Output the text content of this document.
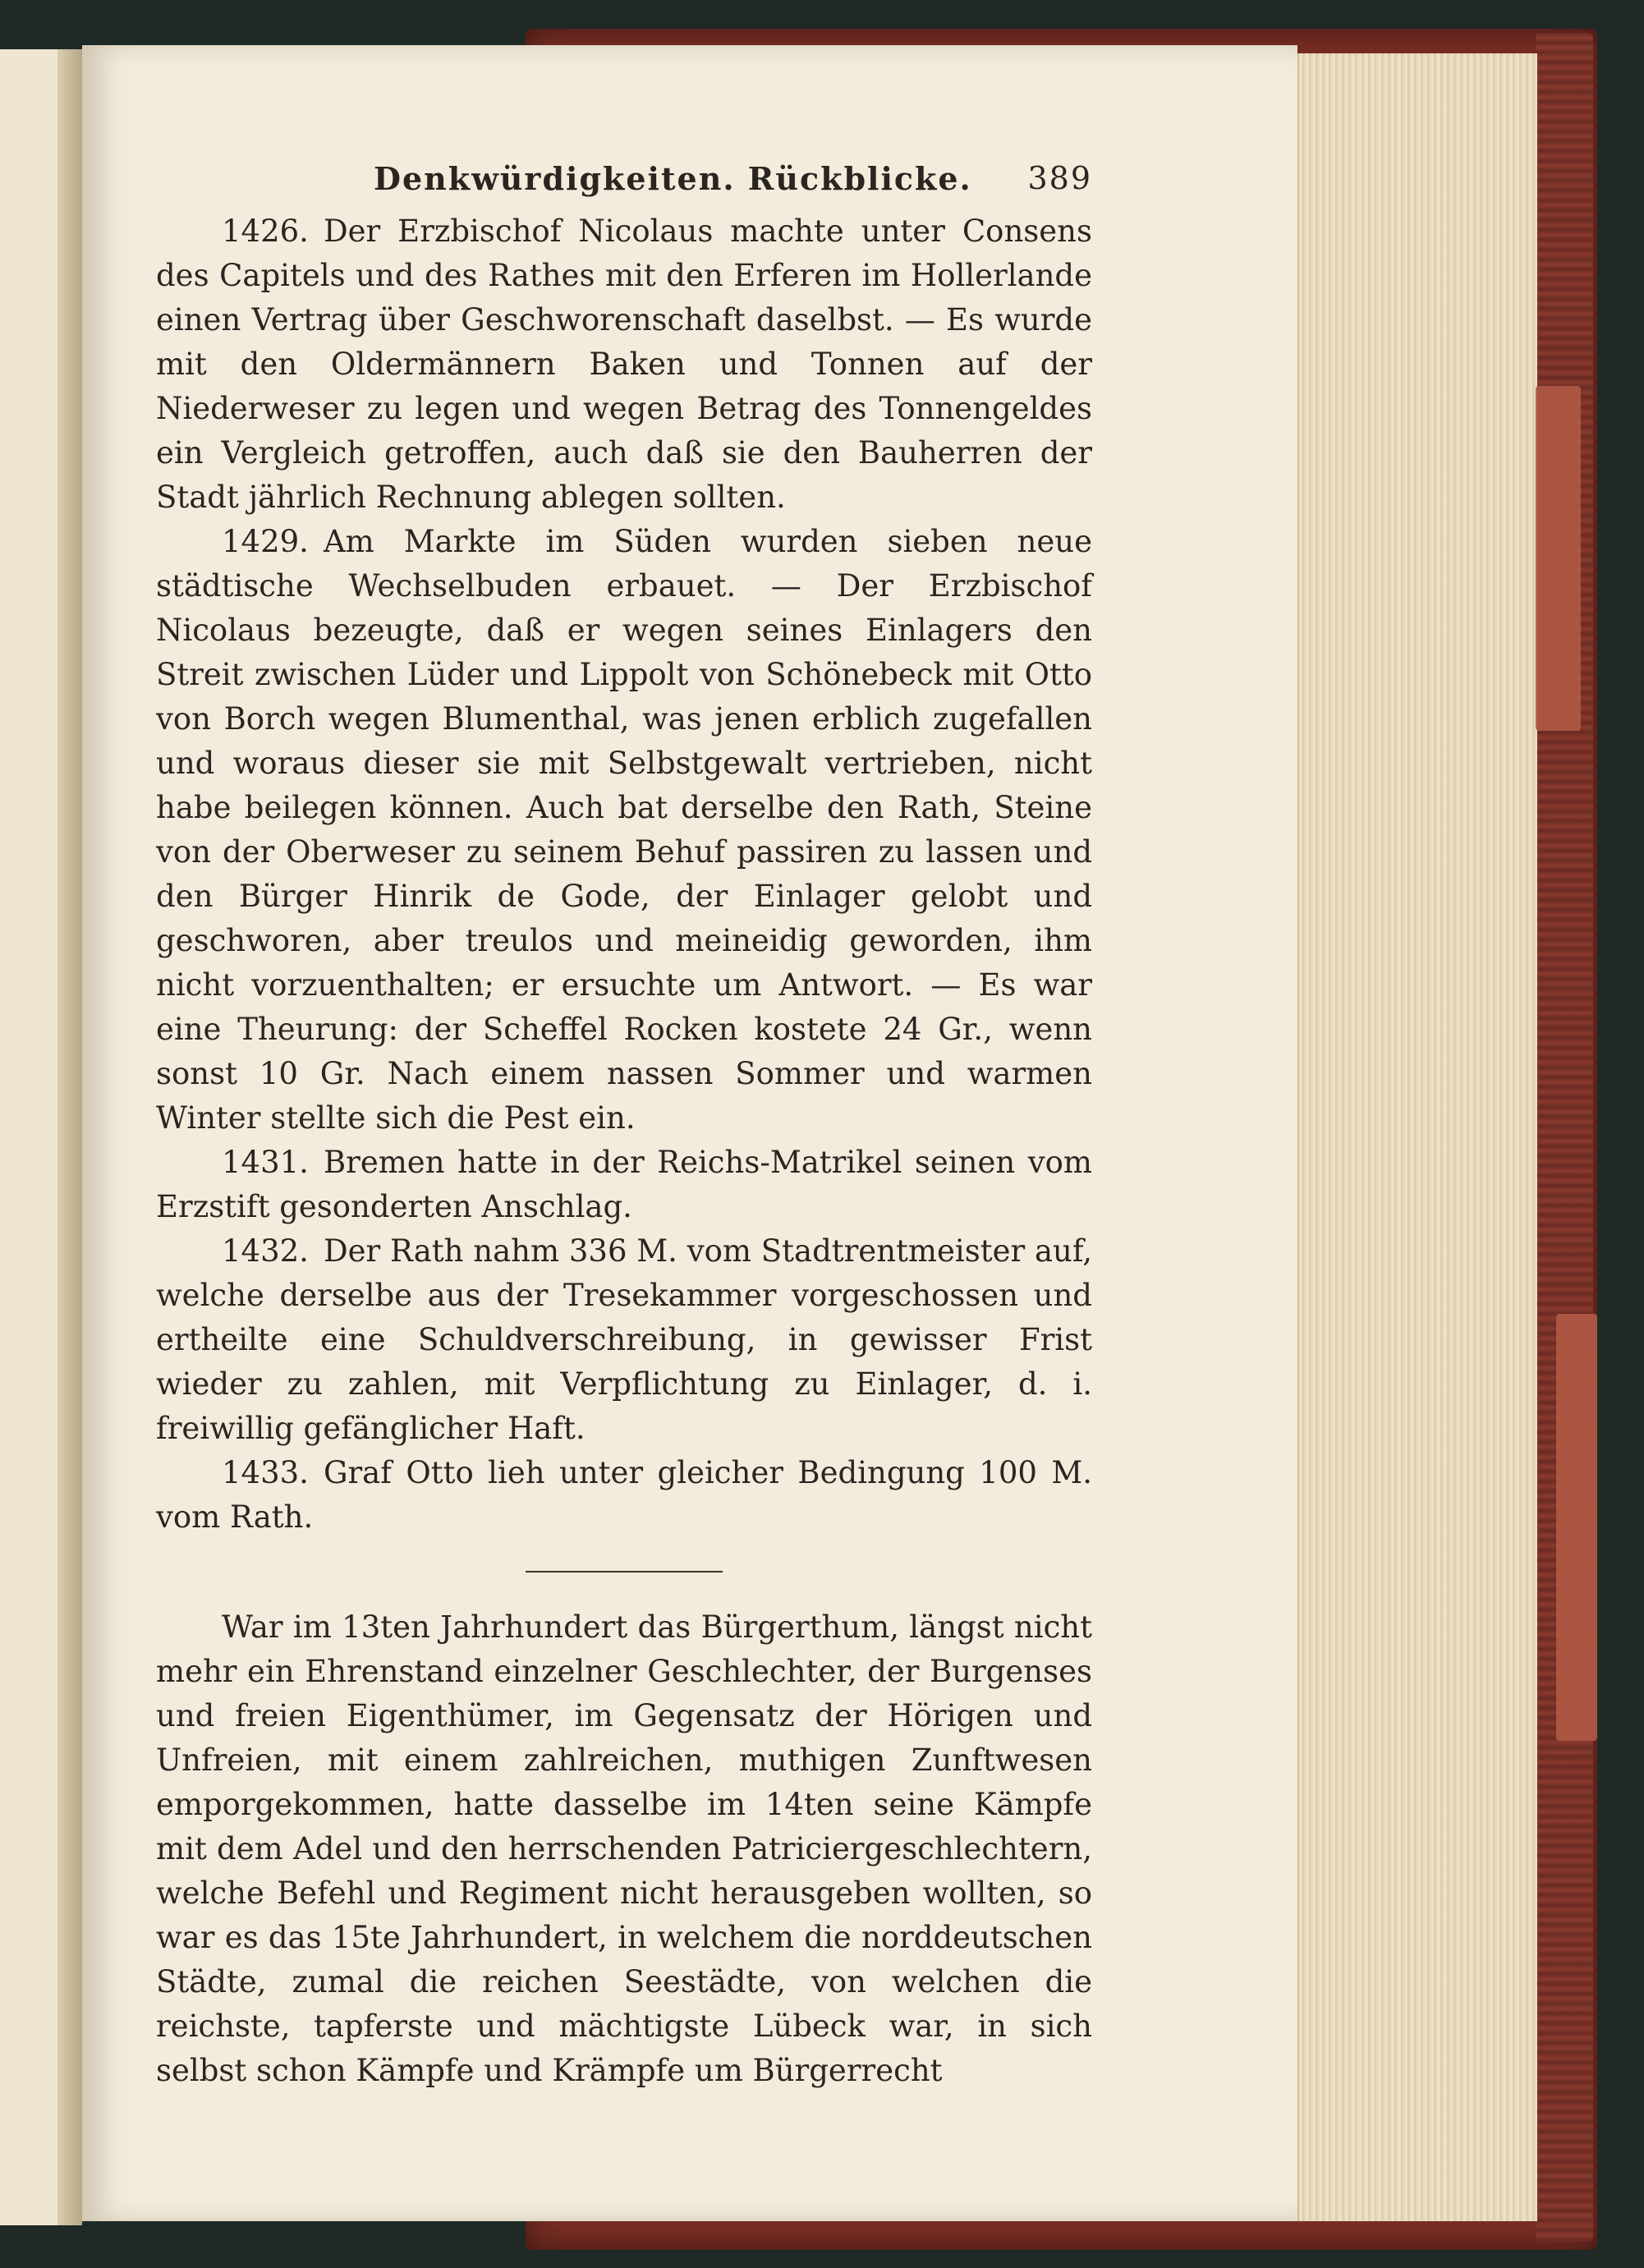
Denkwürdigkeiten. Rückblicke. 389

1426. Der Erzbischof Nicolaus machte unter Consens des Capitels und des Rathes mit den Erferen im Hollerlande einen Vertrag über Geschworenschaft daselbst. — Es wurde mit den Oldermännern Baken und Tonnen auf der Niederweser zu legen und wegen Betrag des Tonnengeldes ein Vergleich getroffen, auch daß sie den Bauherren der Stadt jährlich Rechnung ablegen sollten.

1429. Am Markte im Süden wurden sieben neue städtische Wechselbuden erbauet. — Der Erzbischof Nicolaus bezeugte, daß er wegen seines Einlagers den Streit zwischen Lüder und Lippolt von Schönebeck mit Otto von Borch wegen Blumenthal, was jenen erblich zugefallen und woraus dieser sie mit Selbstgewalt vertrieben, nicht habe beilegen können. Auch bat derselbe den Rath, Steine von der Oberweser zu seinem Behuf passiren zu lassen und den Bürger Hinrik de Gode, der Einlager gelobt und geschworen, aber treulos und meineidig geworden, ihm nicht vorzuenthalten; er ersuchte um Antwort. — Es war eine Theurung: der Scheffel Rocken kostete 24 Gr., wenn sonst 10 Gr. Nach einem nassen Sommer und warmen Winter stellte sich die Pest ein.

1431. Bremen hatte in der Reichs-Matrikel seinen vom Erzstift gesonderten Anschlag.

1432. Der Rath nahm 336 M. vom Stadtrentmeister auf, welche derselbe aus der Tresekammer vorgeschossen und ertheilte eine Schuldverschreibung, in gewisser Frist wieder zu zahlen, mit Verpflichtung zu Einlager, d. i. freiwillig gefänglicher Haft.

1433. Graf Otto lieh unter gleicher Bedingung 100 M. vom Rath.

War im 13ten Jahrhundert das Bürgerthum, längst nicht mehr ein Ehrenstand einzelner Geschlechter, der Burgenses und freien Eigenthümer, im Gegensatz der Hörigen und Unfreien, mit einem zahlreichen, muthigen Zunftwesen emporgekommen, hatte dasselbe im 14ten seine Kämpfe mit dem Adel und den herrschenden Patriciergeschlechtern, welche Befehl und Regiment nicht herausgeben wollten, so war es das 15te Jahrhundert, in welchem die norddeutschen Städte, zumal die reichen Seestädte, von welchen die reichste, tapferste und mächtigste Lübeck war, in sich selbst schon Kämpfe und Krämpfe um Bürgerrecht
